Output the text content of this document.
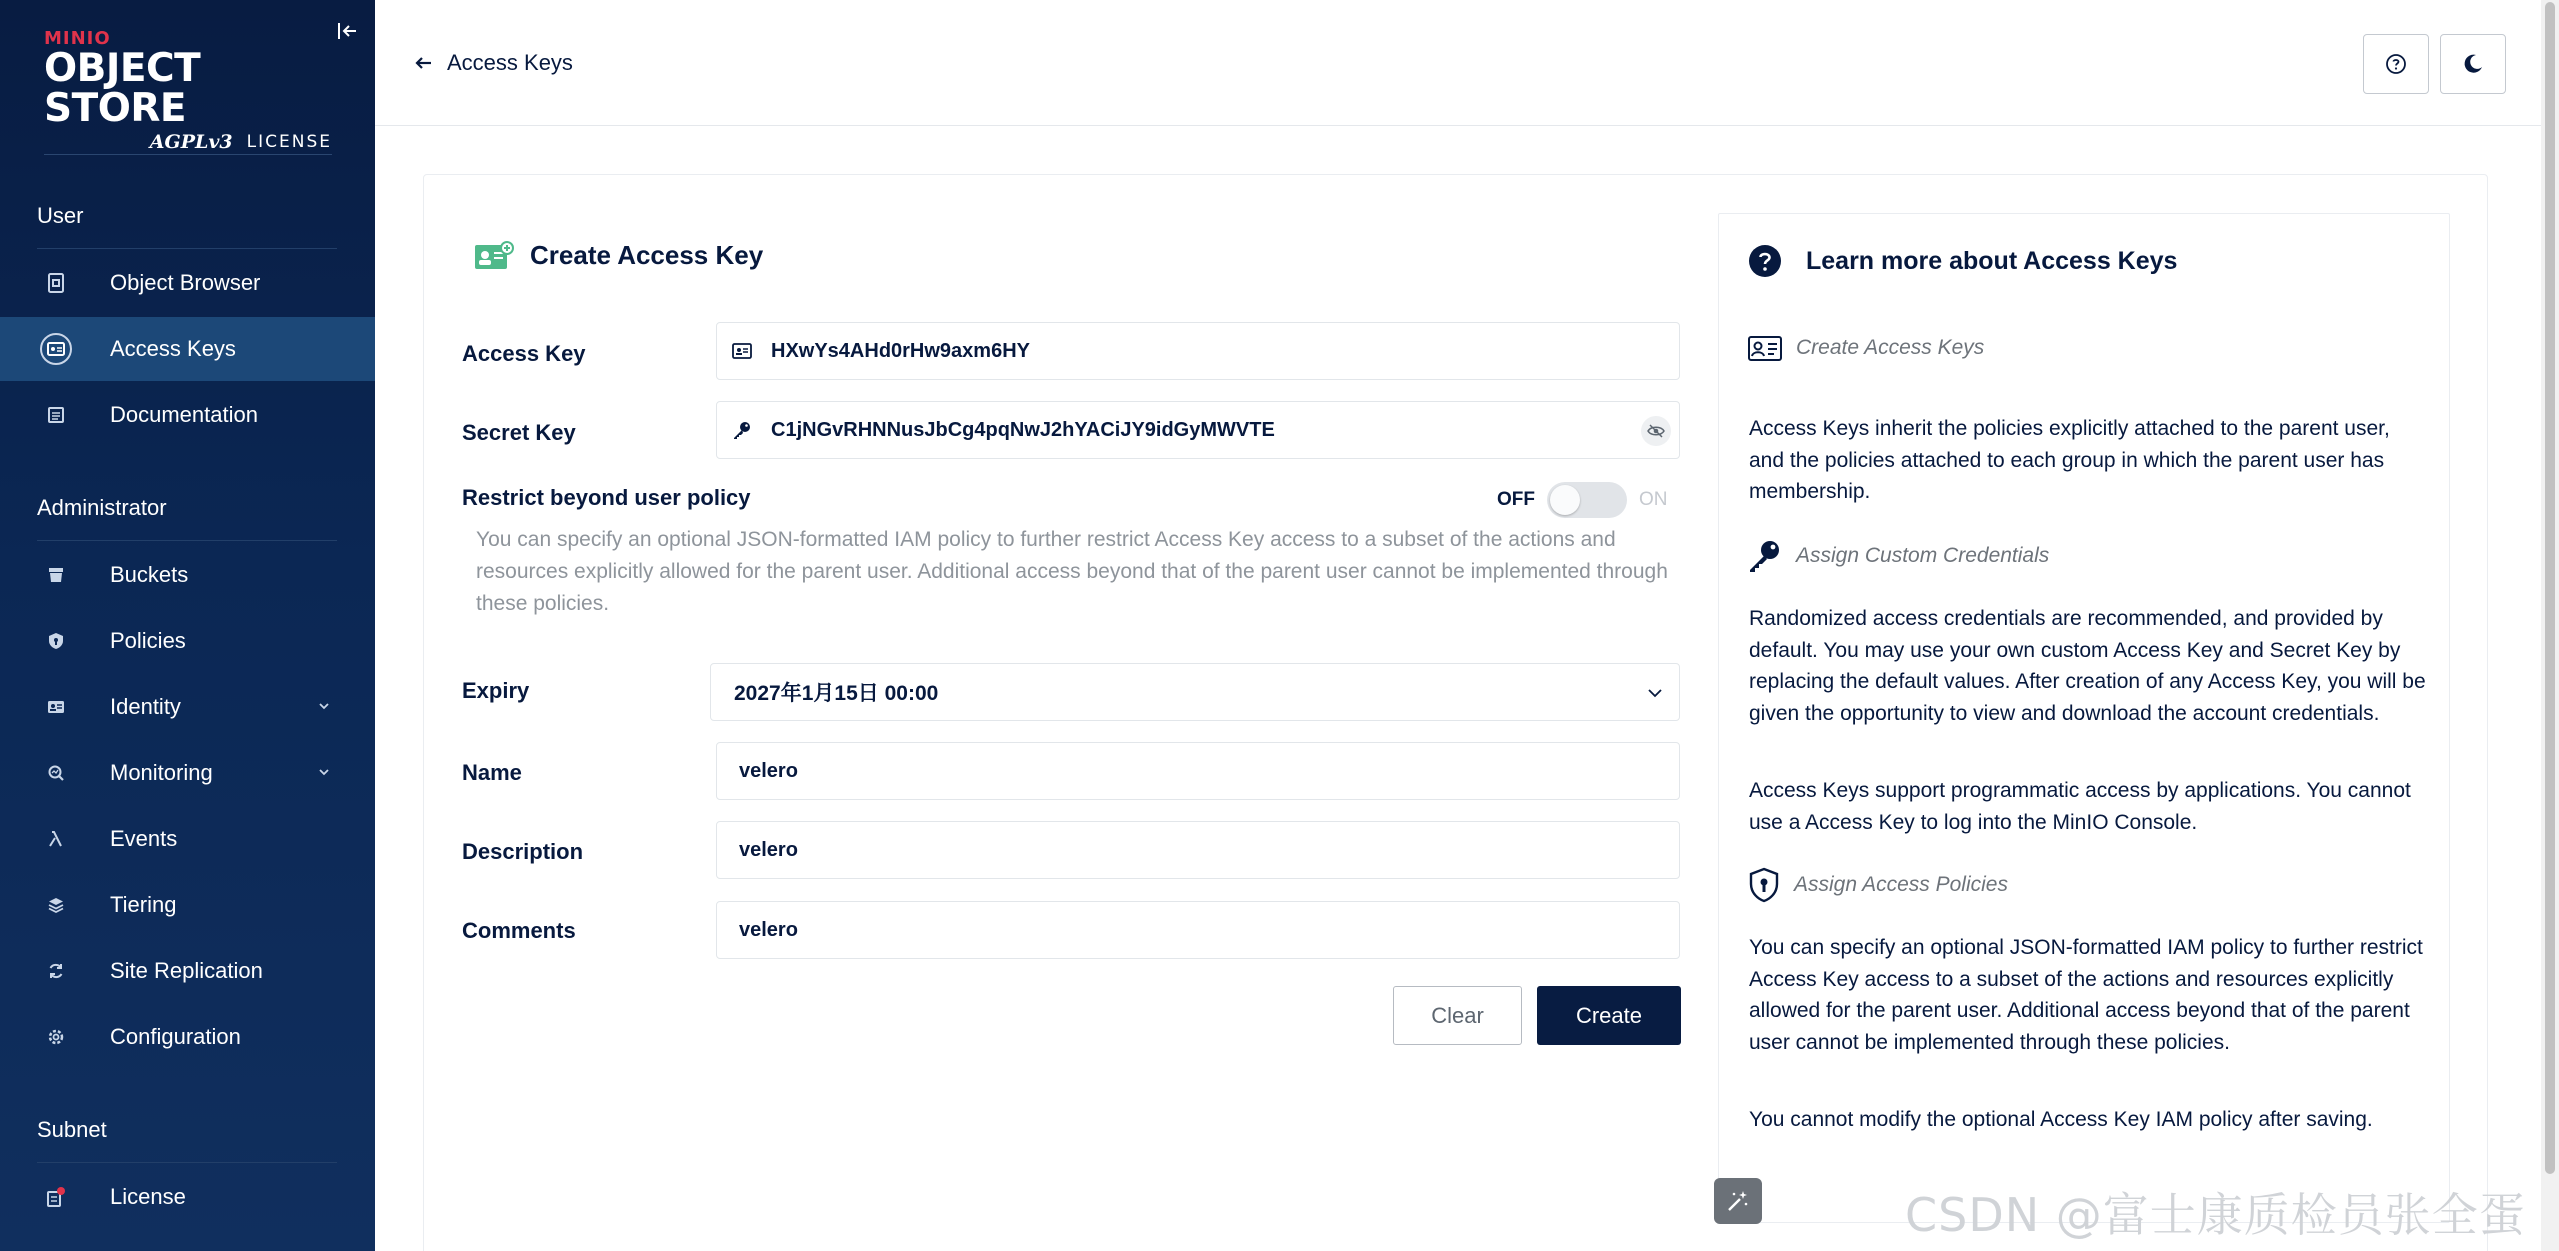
MINIO
OBJECT STORE
AGPLv3 LICENSE
User
Object Browser
Access Keys
Documentation
Administrator
Buckets
Policies
Identity
Monitoring
Events
Tiering
Site Replication
Configuration
Subnet
License
Access Keys
Create Access Key
Access Key	HXwYs4AHd0rHw9axm6HY
Secret Key	C1jNGvRHNNusJbCg4pqNwJ2hYACiJY9idGyMWVTE
Restrict beyond user policy	OFF	ON
You can specify an optional JSON-formatted IAM policy to further restrict Access Key access to a subset of the actions and resources explicitly allowed for the parent user. Additional access beyond that of the parent user cannot be implemented through these policies.
Expiry	2027年1月15日 00:00
Name	velero
Description	velero
Comments	velero
Clear	Create
Learn more about Access Keys
Create Access Keys
Access Keys inherit the policies explicitly attached to the parent user, and the policies attached to each group in which the parent user has membership.
Assign Custom Credentials
Randomized access credentials are recommended, and provided by default. You may use your own custom Access Key and Secret Key by replacing the default values. After creation of any Access Key, you will be given the opportunity to view and download the account credentials.
Access Keys support programmatic access by applications. You cannot use a Access Key to log into the MinIO Console.
Assign Access Policies
You can specify an optional JSON-formatted IAM policy to further restrict Access Key access to a subset of the actions and resources explicitly allowed for the parent user. Additional access beyond that of the parent user cannot be implemented through these policies.
You cannot modify the optional Access Key IAM policy after saving.
CSDN @富士康质检员张全蛋
